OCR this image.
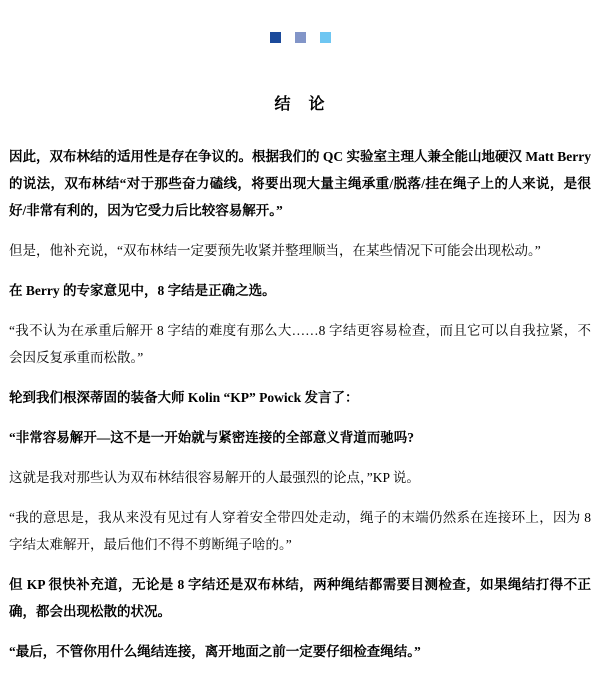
结　论

因此，双布林结的适用性是存在争议的。根据我们的 QC 实验室主理人兼全能山地硬汉 Matt Berry 的说法，双布林结“对于那些奋力磕线，将要出现大量主绳承重/脱落/挂在绳子上的人来说，是很好/非常有利的，因为它受力后比较容易解开。”

但是，他补充说，“双布林结一定要预先收紧并整理顺当，在某些情况下可能会出现松动。”

在 Berry 的专家意见中，8 字结是正确之选。

“我不认为在承重后解开 8 字结的难度有那么大……8 字结更容易检查，而且它可以自我拉紧，不会因反复承重而松散。”

轮到我们根深蒂固的装备大师 Kolin “KP” Powick 发言了：

“非常容易解开—这不是一开始就与紧密连接的全部意义背道而驰吗?

这就是我对那些认为双布林结很容易解开的人最强烈的论点，”KP 说。

“我的意思是，我从来没有见过有人穿着安全带四处走动，绳子的末端仍然系在连接环上，因为 8 字结太难解开，最后他们不得不剪断绳子啥的。”

但 KP 很快补充道，无论是 8 字结还是双布林结，两种绳结都需要目测检查，如果绳结打得不正确，都会出现松散的状况。

“最后，不管你用什么绳结连接，离开地面之前一定要仔细检查绳结。”
